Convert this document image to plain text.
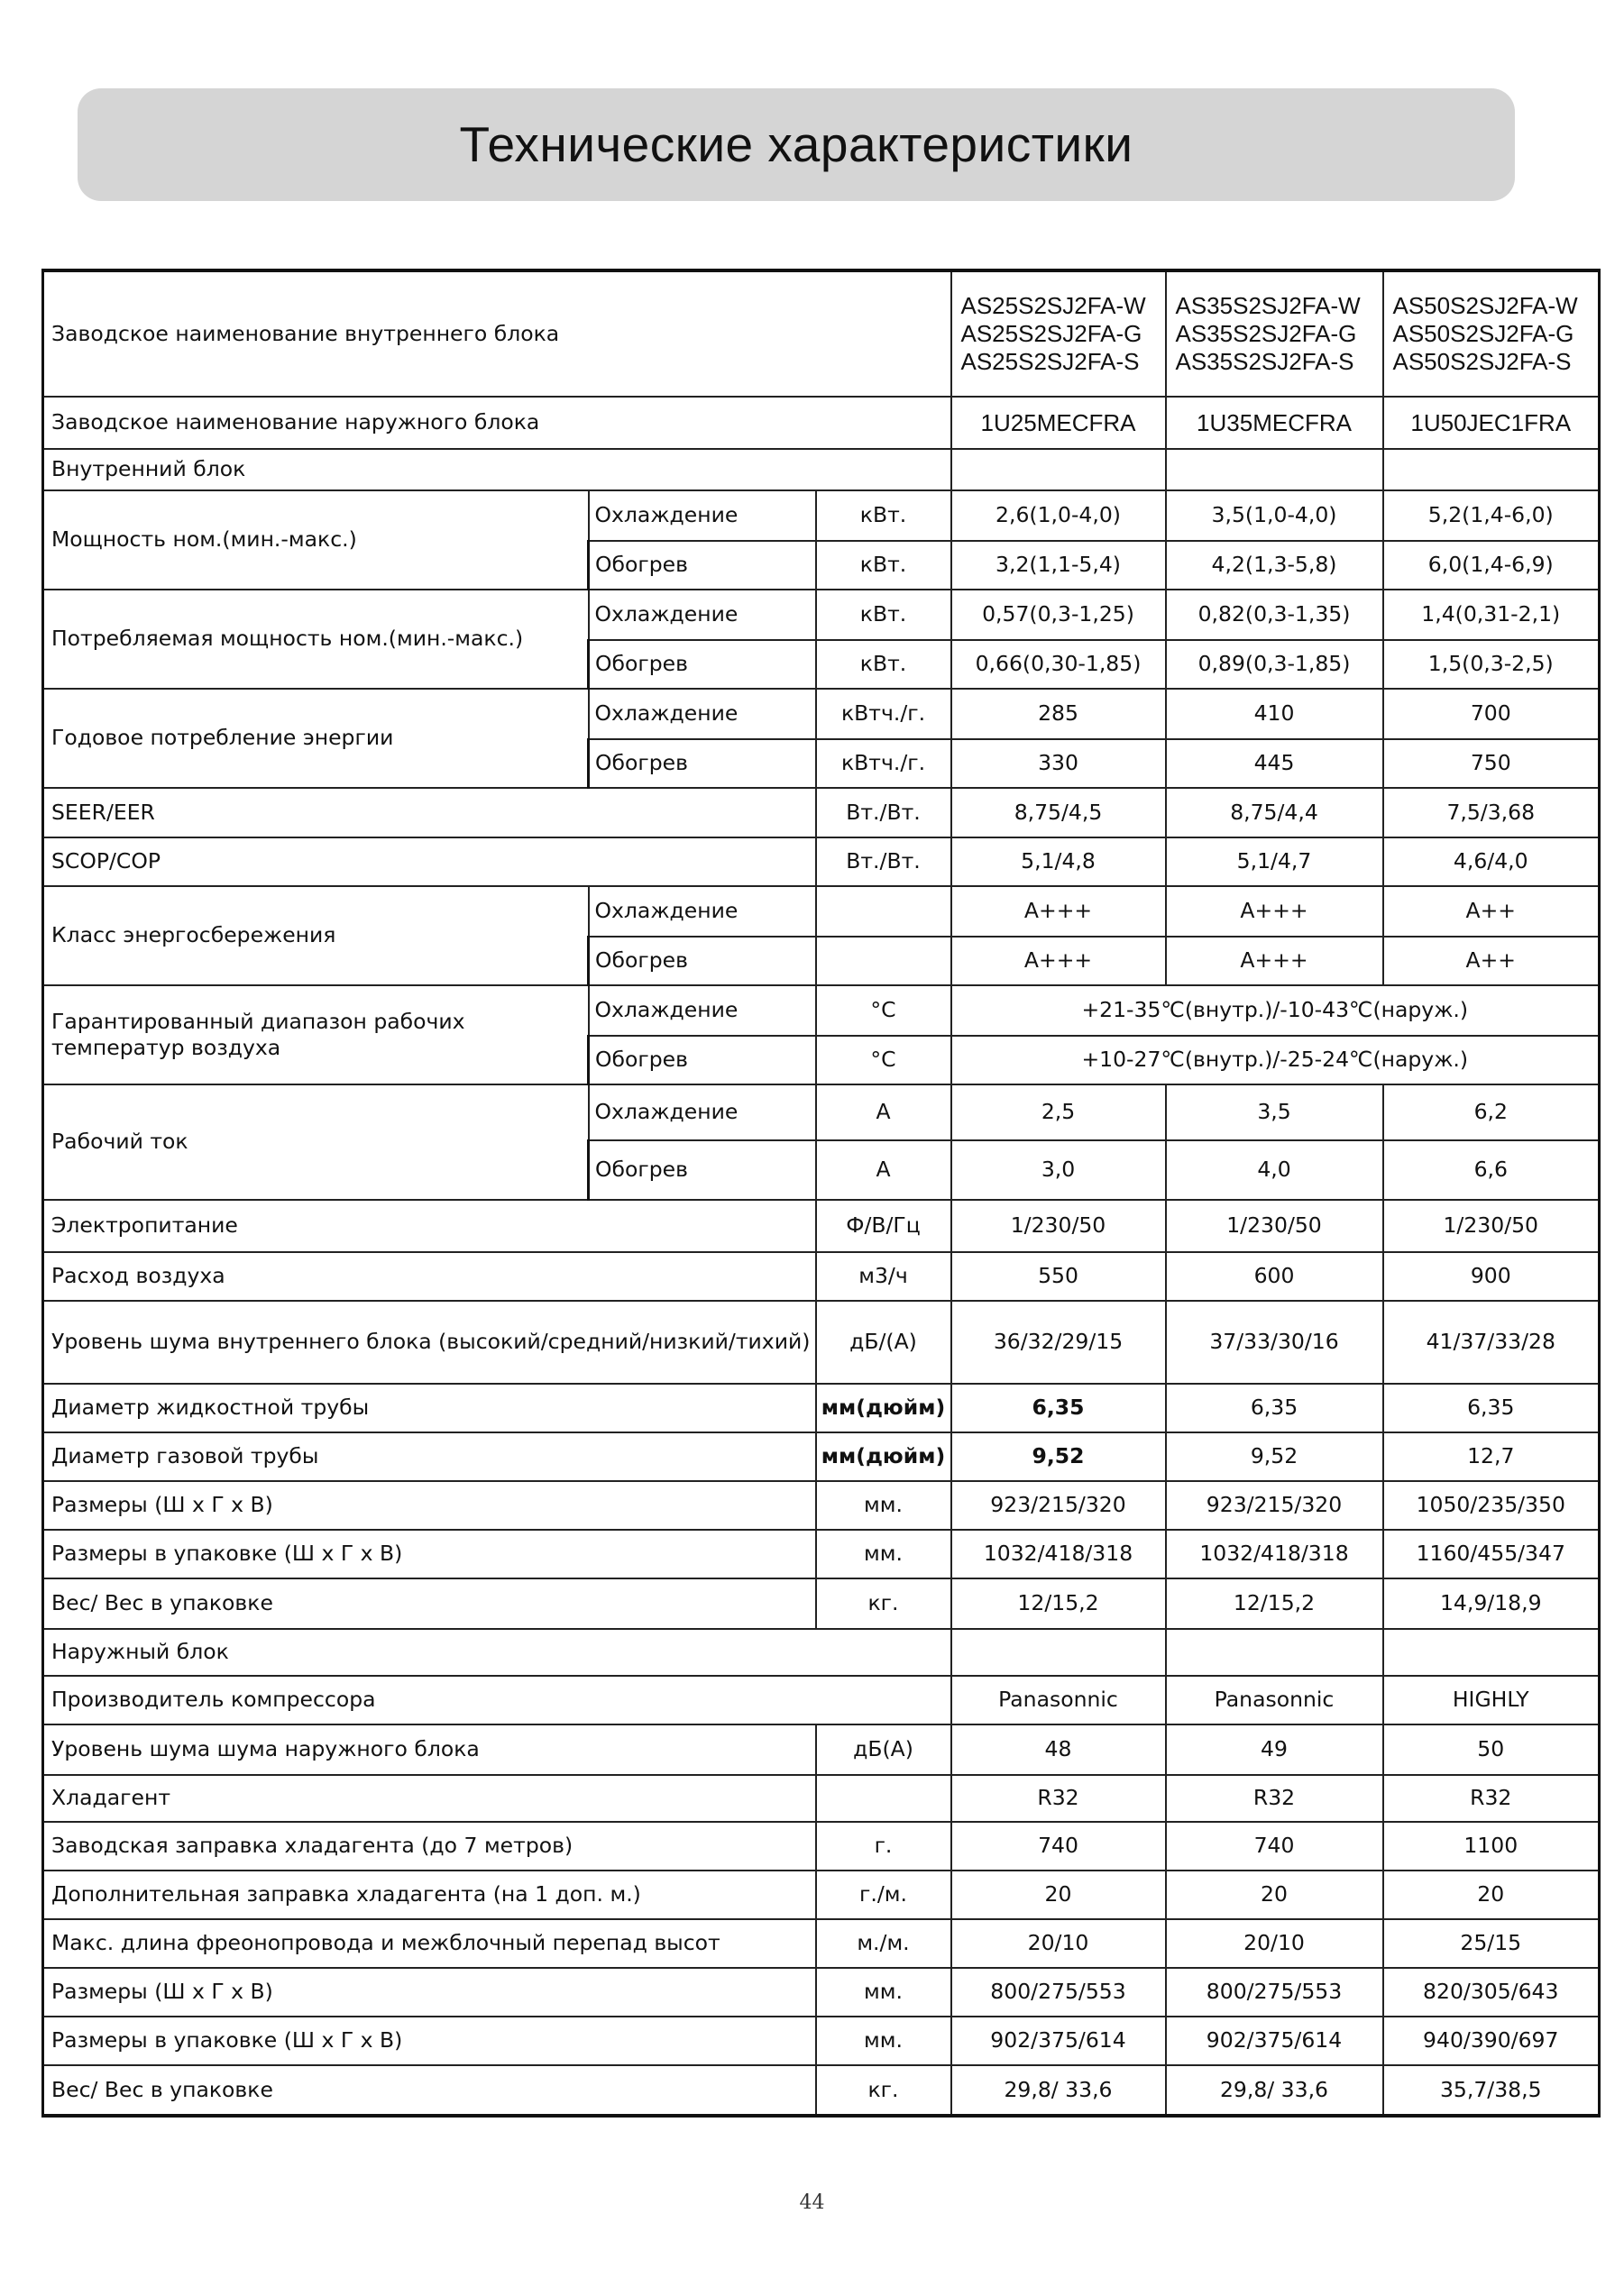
Технические характеристики
Заводское наименование внутреннего блока			AS25S2SJ2FA-W
AS25S2SJ2FA-G
AS25S2SJ2FA-S	AS35S2SJ2FA-W
AS35S2SJ2FA-G
AS35S2SJ2FA-S	AS50S2SJ2FA-W
AS50S2SJ2FA-G
AS50S2SJ2FA-S

Заводское наименование наружного блока			1U25MECFRA	1U35MECFRA	1U50JEC1FRA
Внутренний блок					
Мощность ном.(мин.-макс.)	Охлаждение	кВт.	2,6(1,0-4,0)	3,5(1,0-4,0)	5,2(1,4-6,0)
	Обогрев	кВт.	3,2(1,1-5,4)	4,2(1,3-5,8)	6,0(1,4-6,9)
Потребляемая мощность ном.(мин.-макс.)	Охлаждение	кВт.	0,57(0,3-1,25)	0,82(0,3-1,35)	1,4(0,31-2,1)
	Обогрев	кВт.	0,66(0,30-1,85)	0,89(0,3-1,85)	1,5(0,3-2,5)
Годовое потребление энергии	Охлаждение	кВтч./г.	285	410	700
	Обогрев	кВтч./г.	330	445	750
SEER/EER		Вт./Вт.	8,75/4,5	8,75/4,4	7,5/3,68
SCOP/COP		Вт./Вт.	5,1/4,8	5,1/4,7	4,6/4,0
Класс энергосбережения	Охлаждение		A+++	A+++	A++
	Обогрев		A+++	A+++	A++
Гарантированный диапазон рабочих температур воздуха	Охлаждение	°C	+21-35℃(внутр.)/-10-43℃(наруж.)		
	Обогрев	°C	+10-27℃(внутр.)/-25-24℃(наруж.)		
Рабочий ток	Охлаждение	A	2,5	3,5	6,2
	Обогрев	A	3,0	4,0	6,6
Электропитание		Ф/В/Гц	1/230/50	1/230/50	1/230/50
Расход воздуха		м3/ч	550	600	900
Уровень шума внутреннего блока (высокий/средний/низкий/тихий)		дБ/(А)	36/32/29/15	37/33/30/16	41/37/33/28
Диаметр жидкостной трубы		мм(дюйм)	6,35	6,35	6,35
Диаметр газовой трубы		мм(дюйм)	9,52	9,52	12,7
Размеры (Ш х Г х В)		мм.	923/215/320	923/215/320	1050/235/350
Размеры в упаковке (Ш х Г х В)		мм.	1032/418/318	1032/418/318	1160/455/347
Вес/ Вес в упаковке		кг.	12/15,2	12/15,2	14,9/18,9
Наружный блок					
Производитель компрессора			Panasonnic	Panasonnic	HIGHLY
Уровень шума шума наружного блока		дБ(А)	48	49	50
Хладагент			R32	R32	R32
Заводская заправка хладагента (до 7 метров)		г.	740	740	1100
Дополнительная заправка хладагента (на 1 доп. м.)		г./м.	20	20	20
Макс. длина фреонопровода и межблочный перепад высот		м./м.	20/10	20/10	25/15
Размеры (Ш х Г х В)		мм.	800/275/553	800/275/553	820/305/643
Размеры в упаковке (Ш х Г х В)		мм.	902/375/614	902/375/614	940/390/697
Вес/ Вес в упаковке		кг.	29,8/ 33,6	29,8/ 33,6	35,7/38,5
44
